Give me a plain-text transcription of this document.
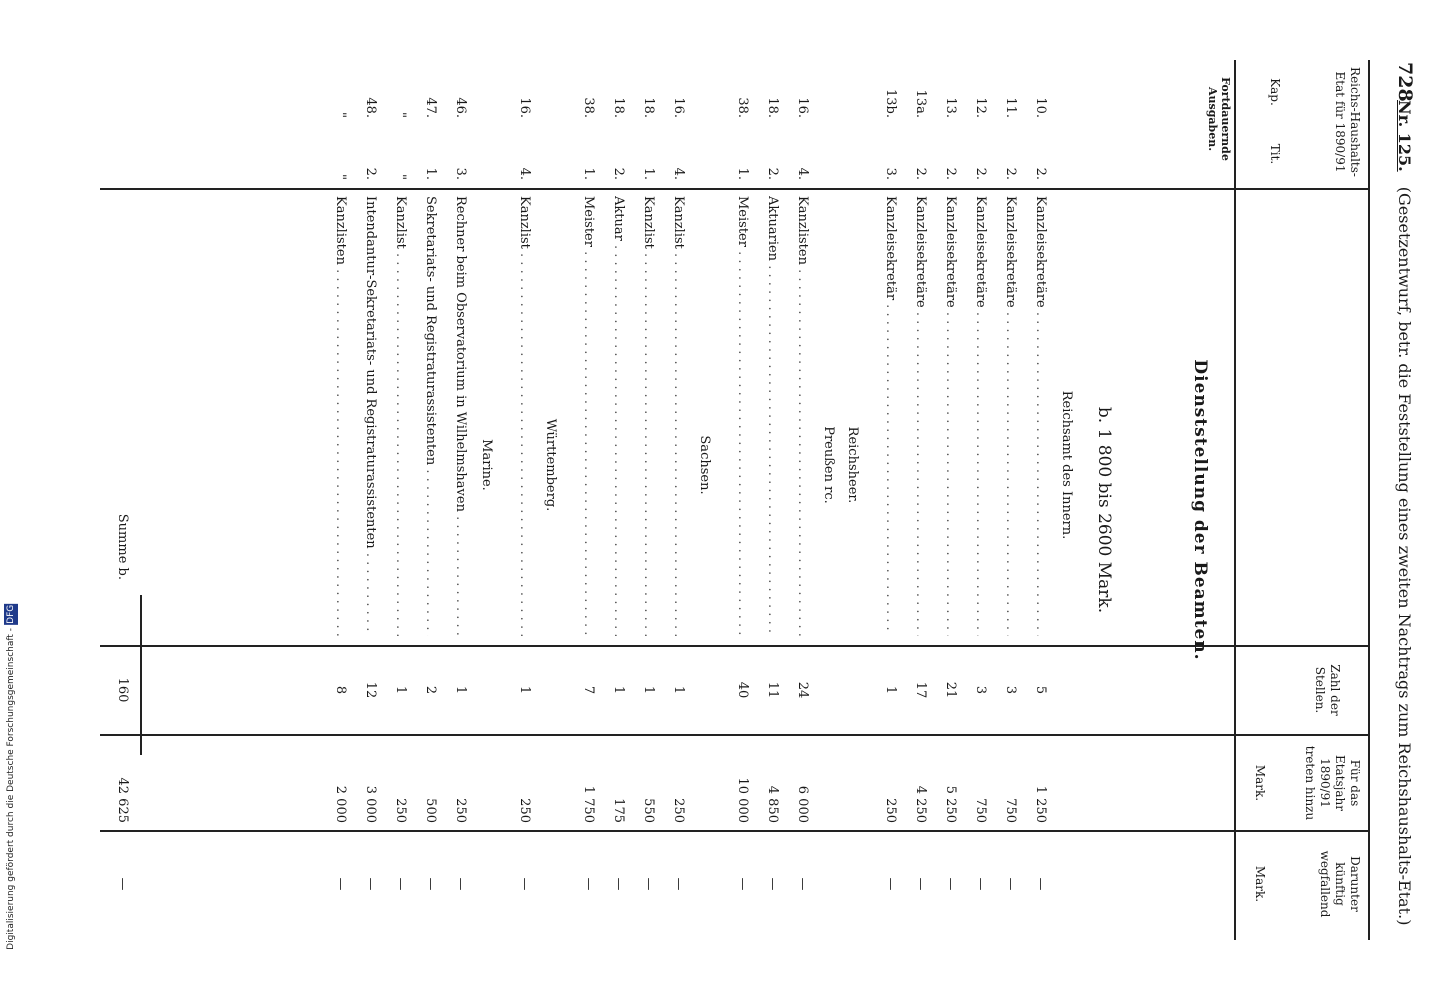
728
Nr. 125. (Gesetzentwurf, betr. die Feststellung eines zweiten Nachtrags zum Reichshaushalts-Etat.)
Reichs-Haushalts-Etat für 1890/91
Kap.
Tit.
Zahl der Stellen.
Für das Etatsjahr 1890/91 treten hinzu
Mark.
Darunter künftig wegfallend
Mark.
Dienststellung der Beamten.
b. 1 800 bis 2600 Mark.
Fortdauernde Ausgaben.
Reichsamt des Innern.
10.
2.
Kanzleisekretäre . . .
5
1 250
—
11.
2.
Kanzleisekretäre . . .
3
750
—
12.
2.
Kanzleisekretäre . . .
3
750
—
13.
2.
Kanzleisekretäre . . .
21
5 250
—
13a.
2.
Kanzleisekretäre . . .
17
4 250
—
13b.
3.
Kanzleisekretär . . .
1
250
—
Reichsheer.
Preußen rc.
16.
4.
Kanzlisten . . .
24
6 000
—
18.
2.
Aktuarien . . .
11
4 850
—
38.
1.
Meister . . .
40
10 000
—
Sachsen.
16.
4.
Kanzlist . . .
1
250
—
18.
1.
Kanzlist . . .
1
550
—
18.
2.
Aktuar . . .
1
175
—
38.
1.
Meister . . .
7
1 750
—
Württemberg.
16.
4.
Kanzlist . . .
1
250
—
Marine.
46.
3.
Rechner beim Observatorium in Wilhelmshaven . . .
1
250
—
47.
1.
Sekretariats- und Registraturassistenten . . .
2
500
—
"
"
Kanzlist . . .
1
250
—
48.
2.
Intendantur-Sekretariats- und Registraturassistenten . . .
12
3 000
—
"
"
Kanzlisten . . .
8
2 000
—
Summe b.
160
42 625
—
Digitalisierung gefördert durch die Deutsche Forschungsgemeinschaft - DFG
